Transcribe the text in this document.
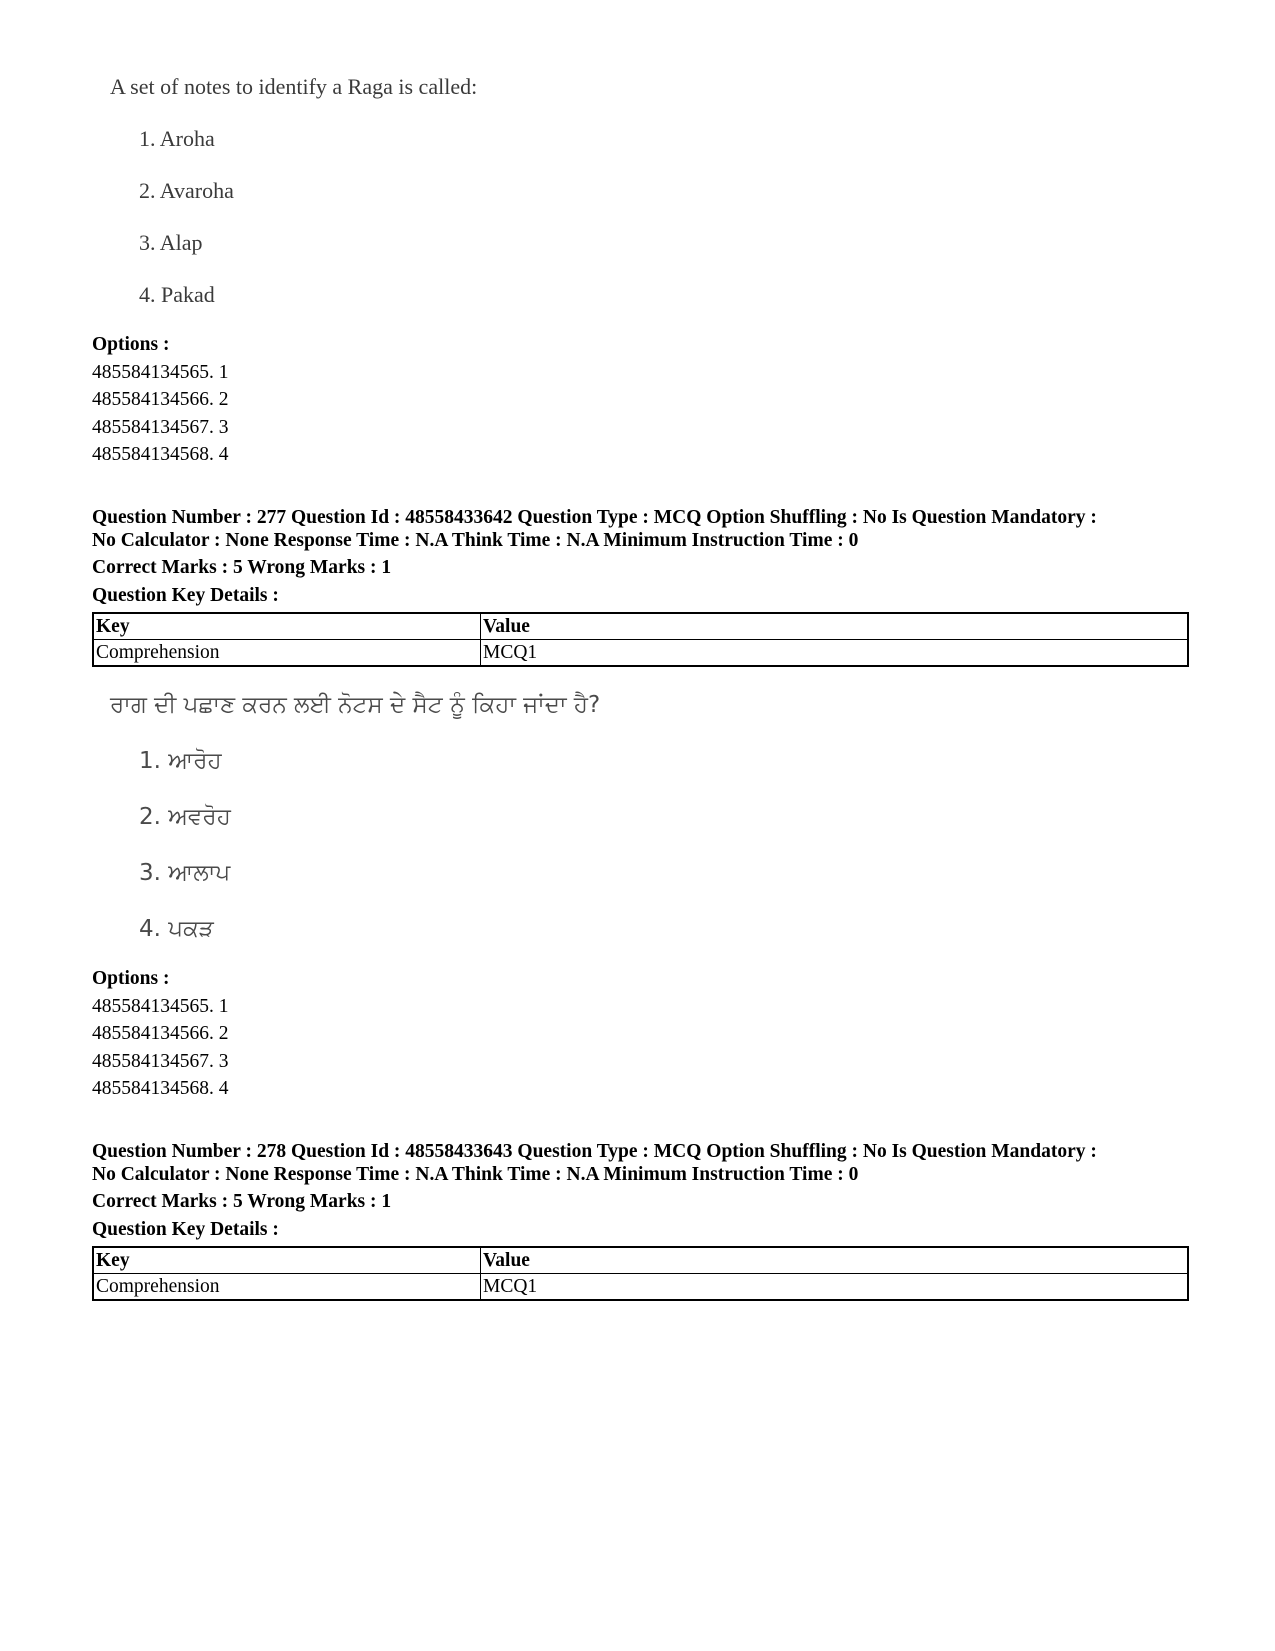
A set of notes to identify a Raga is called:
1. Aroha
2. Avaroha
3. Alap
4. Pakad
Options :
485584134565. 1
485584134566. 2
485584134567. 3
485584134568. 4
Question Number : 277 Question Id : 48558433642 Question Type : MCQ Option Shuffling : No Is Question Mandatory :
No Calculator : None Response Time : N.A Think Time : N.A Minimum Instruction Time : 0
Correct Marks : 5 Wrong Marks : 1
Question Key Details :
Key	Value
Comprehension	MCQ1
ਰਾਗ ਦੀ ਪਛਾਣ ਕਰਨ ਲਈ ਨੋਟਸ ਦੇ ਸੈਟ ਨੂੰ ਕਿਹਾ ਜਾਂਦਾ ਹੈ?
1. ਆਰੋਹ
2. ਅਵਰੋਹ
3. ਆਲਾਪ
4. ਪਕੜ
Options :
485584134565. 1
485584134566. 2
485584134567. 3
485584134568. 4
Question Number : 278 Question Id : 48558433643 Question Type : MCQ Option Shuffling : No Is Question Mandatory :
No Calculator : None Response Time : N.A Think Time : N.A Minimum Instruction Time : 0
Correct Marks : 5 Wrong Marks : 1
Question Key Details :
Key	Value
Comprehension	MCQ1
